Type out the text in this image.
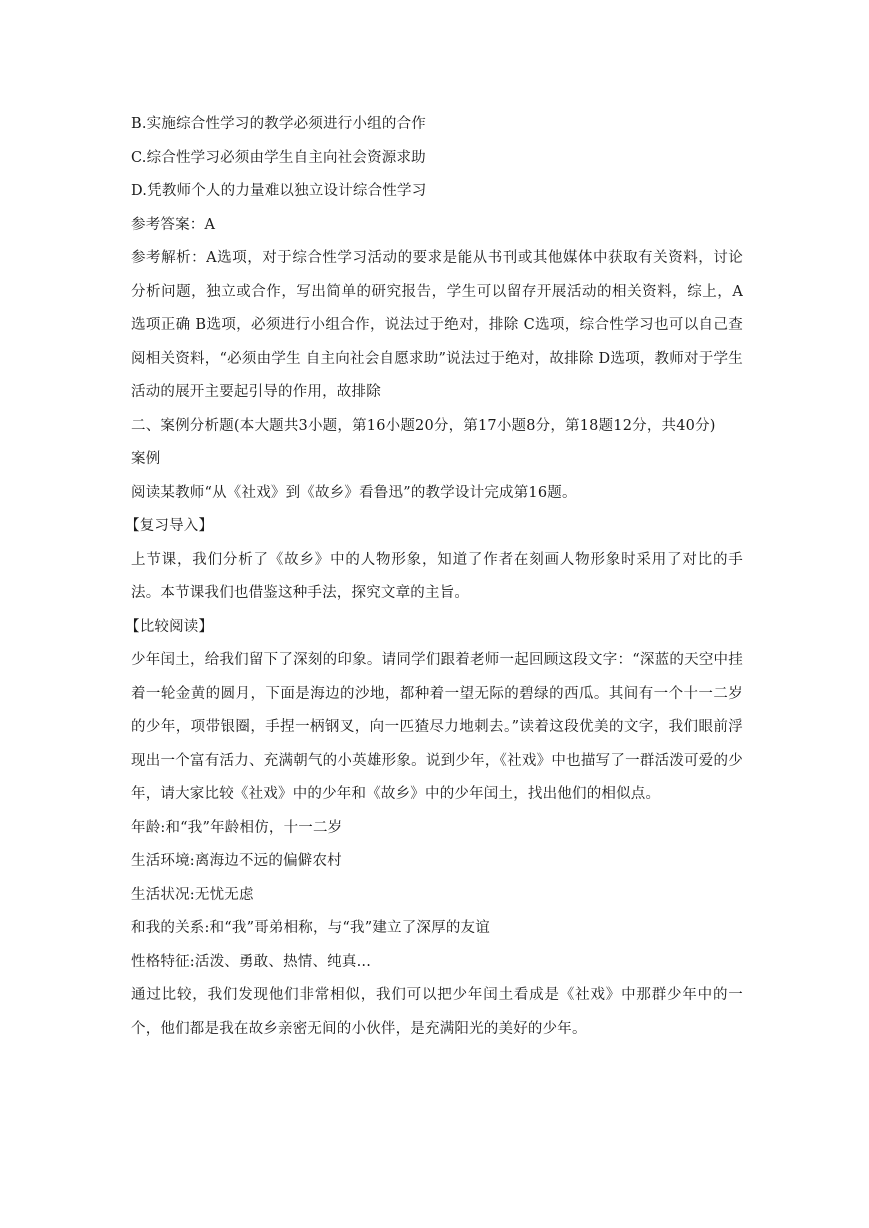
B.实施综合性学习的教学必须进行小组的合作

C.综合性学习必须由学生自主向社会资源求助

D.凭教师个人的力量难以独立设计综合性学习

参考答案：A

参考解析：A选项，对于综合性学习活动的要求是能从书刊或其他媒体中获取有关资料，讨论分析问题，独立或合作，写出简单的研究报告，学生可以留存开展活动的相关资料，综上，A选项正确 B选项，必须进行小组合作，说法过于绝对，排除 C选项，综合性学习也可以自己查阅相关资料，“必须由学生 自主向社会自愿求助”说法过于绝对，故排除 D选项，教师对于学生活动的展开主要起引导的作用，故排除

二、案例分析题(本大题共3小题，第16小题20分，第17小题8分，第18题12分，共40分)

案例

阅读某教师“从《社戏》到《故乡》看鲁迅”的教学设计完成第16题。

【复习导入】

上节课，我们分析了《故乡》中的人物形象，知道了作者在刻画人物形象时采用了对比的手法。本节课我们也借鉴这种手法，探究文章的主旨。

【比较阅读】

少年闰土，给我们留下了深刻的印象。请同学们跟着老师一起回顾这段文字：“深蓝的天空中挂着一轮金黄的圆月，下面是海边的沙地，都种着一望无际的碧绿的西瓜。其间有一个十一二岁的少年，项带银圈，手捏一柄钢叉，向一匹猹尽力地刺去。”读着这段优美的文字，我们眼前浮现出一个富有活力、充满朝气的小英雄形象。说到少年，《社戏》中也描写了一群活泼可爱的少年，请大家比较《社戏》中的少年和《故乡》中的少年闰土，找出他们的相似点。

年龄:和“我”年龄相仿，十一二岁

生活环境:离海边不远的偏僻农村

生活状况:无忧无虑

和我的关系:和“我”哥弟相称，与“我”建立了深厚的友谊

性格特征:活泼、勇敢、热情、纯真...

通过比较，我们发现他们非常相似，我们可以把少年闰土看成是《社戏》中那群少年中的一个，他们都是我在故乡亲密无间的小伙伴，是充满阳光的美好的少年。
